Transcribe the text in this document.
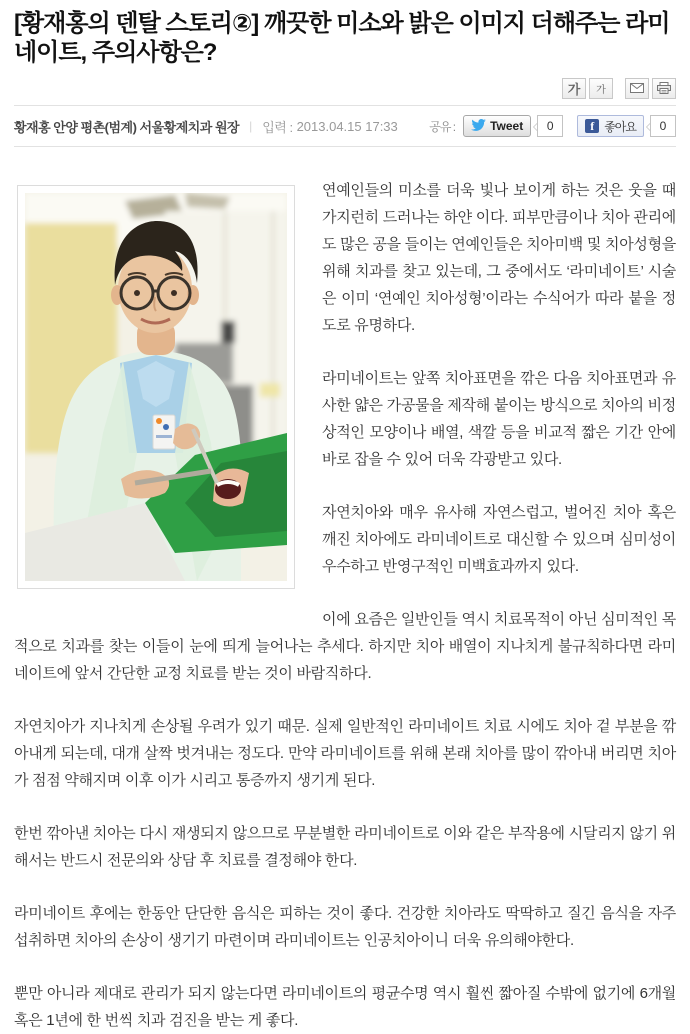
[황재홍의 덴탈 스토리②] 깨끗한 미소와 밝은 이미지 더해주는 라미네이트, 주의사항은?
가	가
황재홍 안양 평촌(범계) 서울황제치과 원장 | 입력 : 2013.04.15 17:33	공유 :	Tweet	0	f 좋아요	0

연예인들의 미소를 더욱 빛나 보이게 하는 것은 웃을 때 가지런히 드러나는 하얀 이다. 피부만큼이나 치아 관리에도 많은 공을 들이는 연예인들은 치아미백 및 치아성형을 위해 치과를 찾고 있는데, 그 중에서도 ‘라미네이트’ 시술은 이미 ‘연예인 치아성형’이라는 수식어가 따라 붙을 정도로 유명하다.

라미네이트는 앞쪽 치아표면을 깎은 다음 치아표면과 유사한 얇은 가공물을 제작해 붙이는 방식으로 치아의 비정상적인 모양이나 배열, 색깔 등을 비교적 짧은 기간 안에 바로 잡을 수 있어 더욱 각광받고 있다.

자연치아와 매우 유사해 자연스럽고, 벌어진 치아 혹은 깨진 치아에도 라미네이트로 대신할 수 있으며 심미성이 우수하고 반영구적인 미백효과까지 있다.

이에 요즘은 일반인들 역시 치료목적이 아닌 심미적인 목적으로 치과를 찾는 이들이 눈에 띄게 늘어나는 추세다. 하지만 치아 배열이 지나치게 불규칙하다면 라미네이트에 앞서 간단한 교정 치료를 받는 것이 바람직하다.

자연치아가 지나치게 손상될 우려가 있기 때문. 실제 일반적인 라미네이트 치료 시에도 치아 겉 부분을 깎아내게 되는데, 대개 살짝 벗겨내는 정도다. 만약 라미네이트를 위해 본래 치아를 많이 깎아내 버리면 치아가 점점 약해지며 이후 이가 시리고 통증까지 생기게 된다.

한번 깎아낸 치아는 다시 재생되지 않으므로 무분별한 라미네이트로 이와 같은 부작용에 시달리지 않기 위해서는 반드시 전문의와 상담 후 치료를 결정해야 한다.

라미네이트 후에는 한동안 단단한 음식은 피하는 것이 좋다. 건강한 치아라도 딱딱하고 질긴 음식을 자주 섭취하면 치아의 손상이 생기기 마련이며 라미네이트는 인공치아이니 더욱 유의해야한다.

뿐만 아니라 제대로 관리가 되지 않는다면 라미네이트의 평균수명 역시 훨씬 짧아질 수밖에 없기에 6개월 혹은 1년에 한 번씩 치과 검진을 받는 게 좋다.
